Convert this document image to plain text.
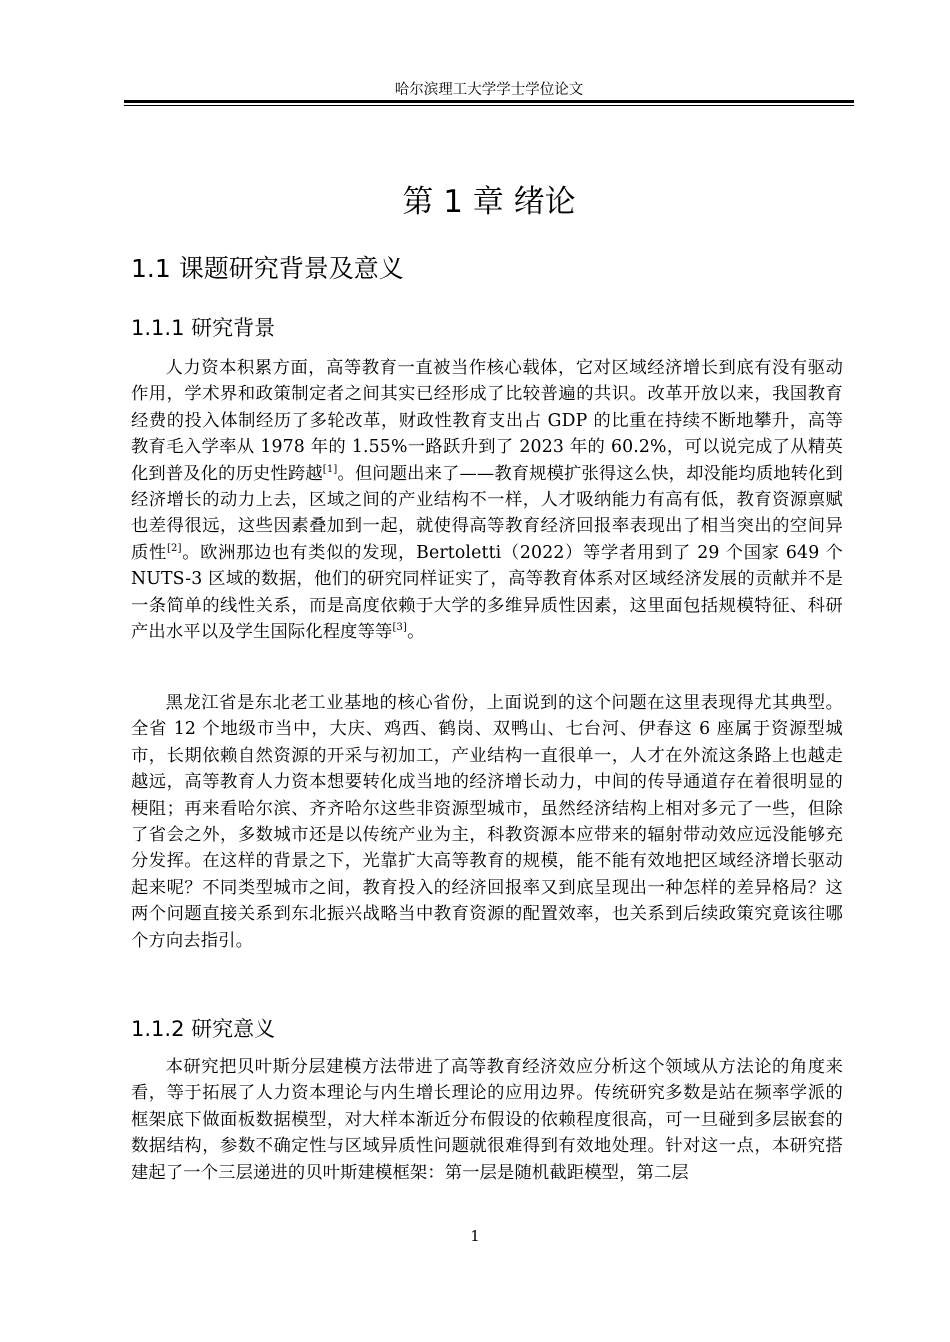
哈尔滨理工大学学士学位论文
第 1 章 绪论
1.1 课题研究背景及意义
1.1.1 研究背景

人力资本积累方面，高等教育一直被当作核心载体，它对区域经济增长到底有没有驱动作用，学术界和政策制定者之间其实已经形成了比较普遍的共识。改革开放以来，我国教育经费的投入体制经历了多轮改革，财政性教育支出占 GDP 的比重在持续不断地攀升，高等教育毛入学率从 1978 年的 1.55%一路跃升到了 2023 年的 60.2%，可以说完成了从精英化到普及化的历史性跨越[1]。但问题出来了——教育规模扩张得这么快，却没能均质地转化到经济增长的动力上去，区域之间的产业结构不一样，人才吸纳能力有高有低，教育资源禀赋也差得很远，这些因素叠加到一起，就使得高等教育经济回报率表现出了相当突出的空间异质性[2]。欧洲那边也有类似的发现，Bertoletti（2022）等学者用到了 29 个国家 649 个 NUTS-3 区域的数据，他们的研究同样证实了，高等教育体系对区域经济发展的贡献并不是一条简单的线性关系，而是高度依赖于大学的多维异质性因素，这里面包括规模特征、科研产出水平以及学生国际化程度等等[3]。

黑龙江省是东北老工业基地的核心省份，上面说到的这个问题在这里表现得尤其典型。全省 12 个地级市当中，大庆、鸡西、鹤岗、双鸭山、七台河、伊春这 6 座属于资源型城市，长期依赖自然资源的开采与初加工，产业结构一直很单一，人才在外流这条路上也越走越远，高等教育人力资本想要转化成当地的经济增长动力，中间的传导通道存在着很明显的梗阻；再来看哈尔滨、齐齐哈尔这些非资源型城市，虽然经济结构上相对多元了一些，但除了省会之外，多数城市还是以传统产业为主，科教资源本应带来的辐射带动效应远没能够充分发挥。在这样的背景之下，光靠扩大高等教育的规模，能不能有效地把区域经济增长驱动起来呢？不同类型城市之间，教育投入的经济回报率又到底呈现出一种怎样的差异格局？这两个问题直接关系到东北振兴战略当中教育资源的配置效率，也关系到后续政策究竟该往哪个方向去指引。

1.1.2 研究意义

本研究把贝叶斯分层建模方法带进了高等教育经济效应分析这个领域从方法论的角度来看，等于拓展了人力资本理论与内生增长理论的应用边界。传统研究多数是站在频率学派的框架底下做面板数据模型，对大样本渐近分布假设的依赖程度很高，可一旦碰到多层嵌套的数据结构，参数不确定性与区域异质性问题就很难得到有效地处理。针对这一点，本研究搭建起了一个三层递进的贝叶斯建模框架：第一层是随机截距模型，第二层

1
